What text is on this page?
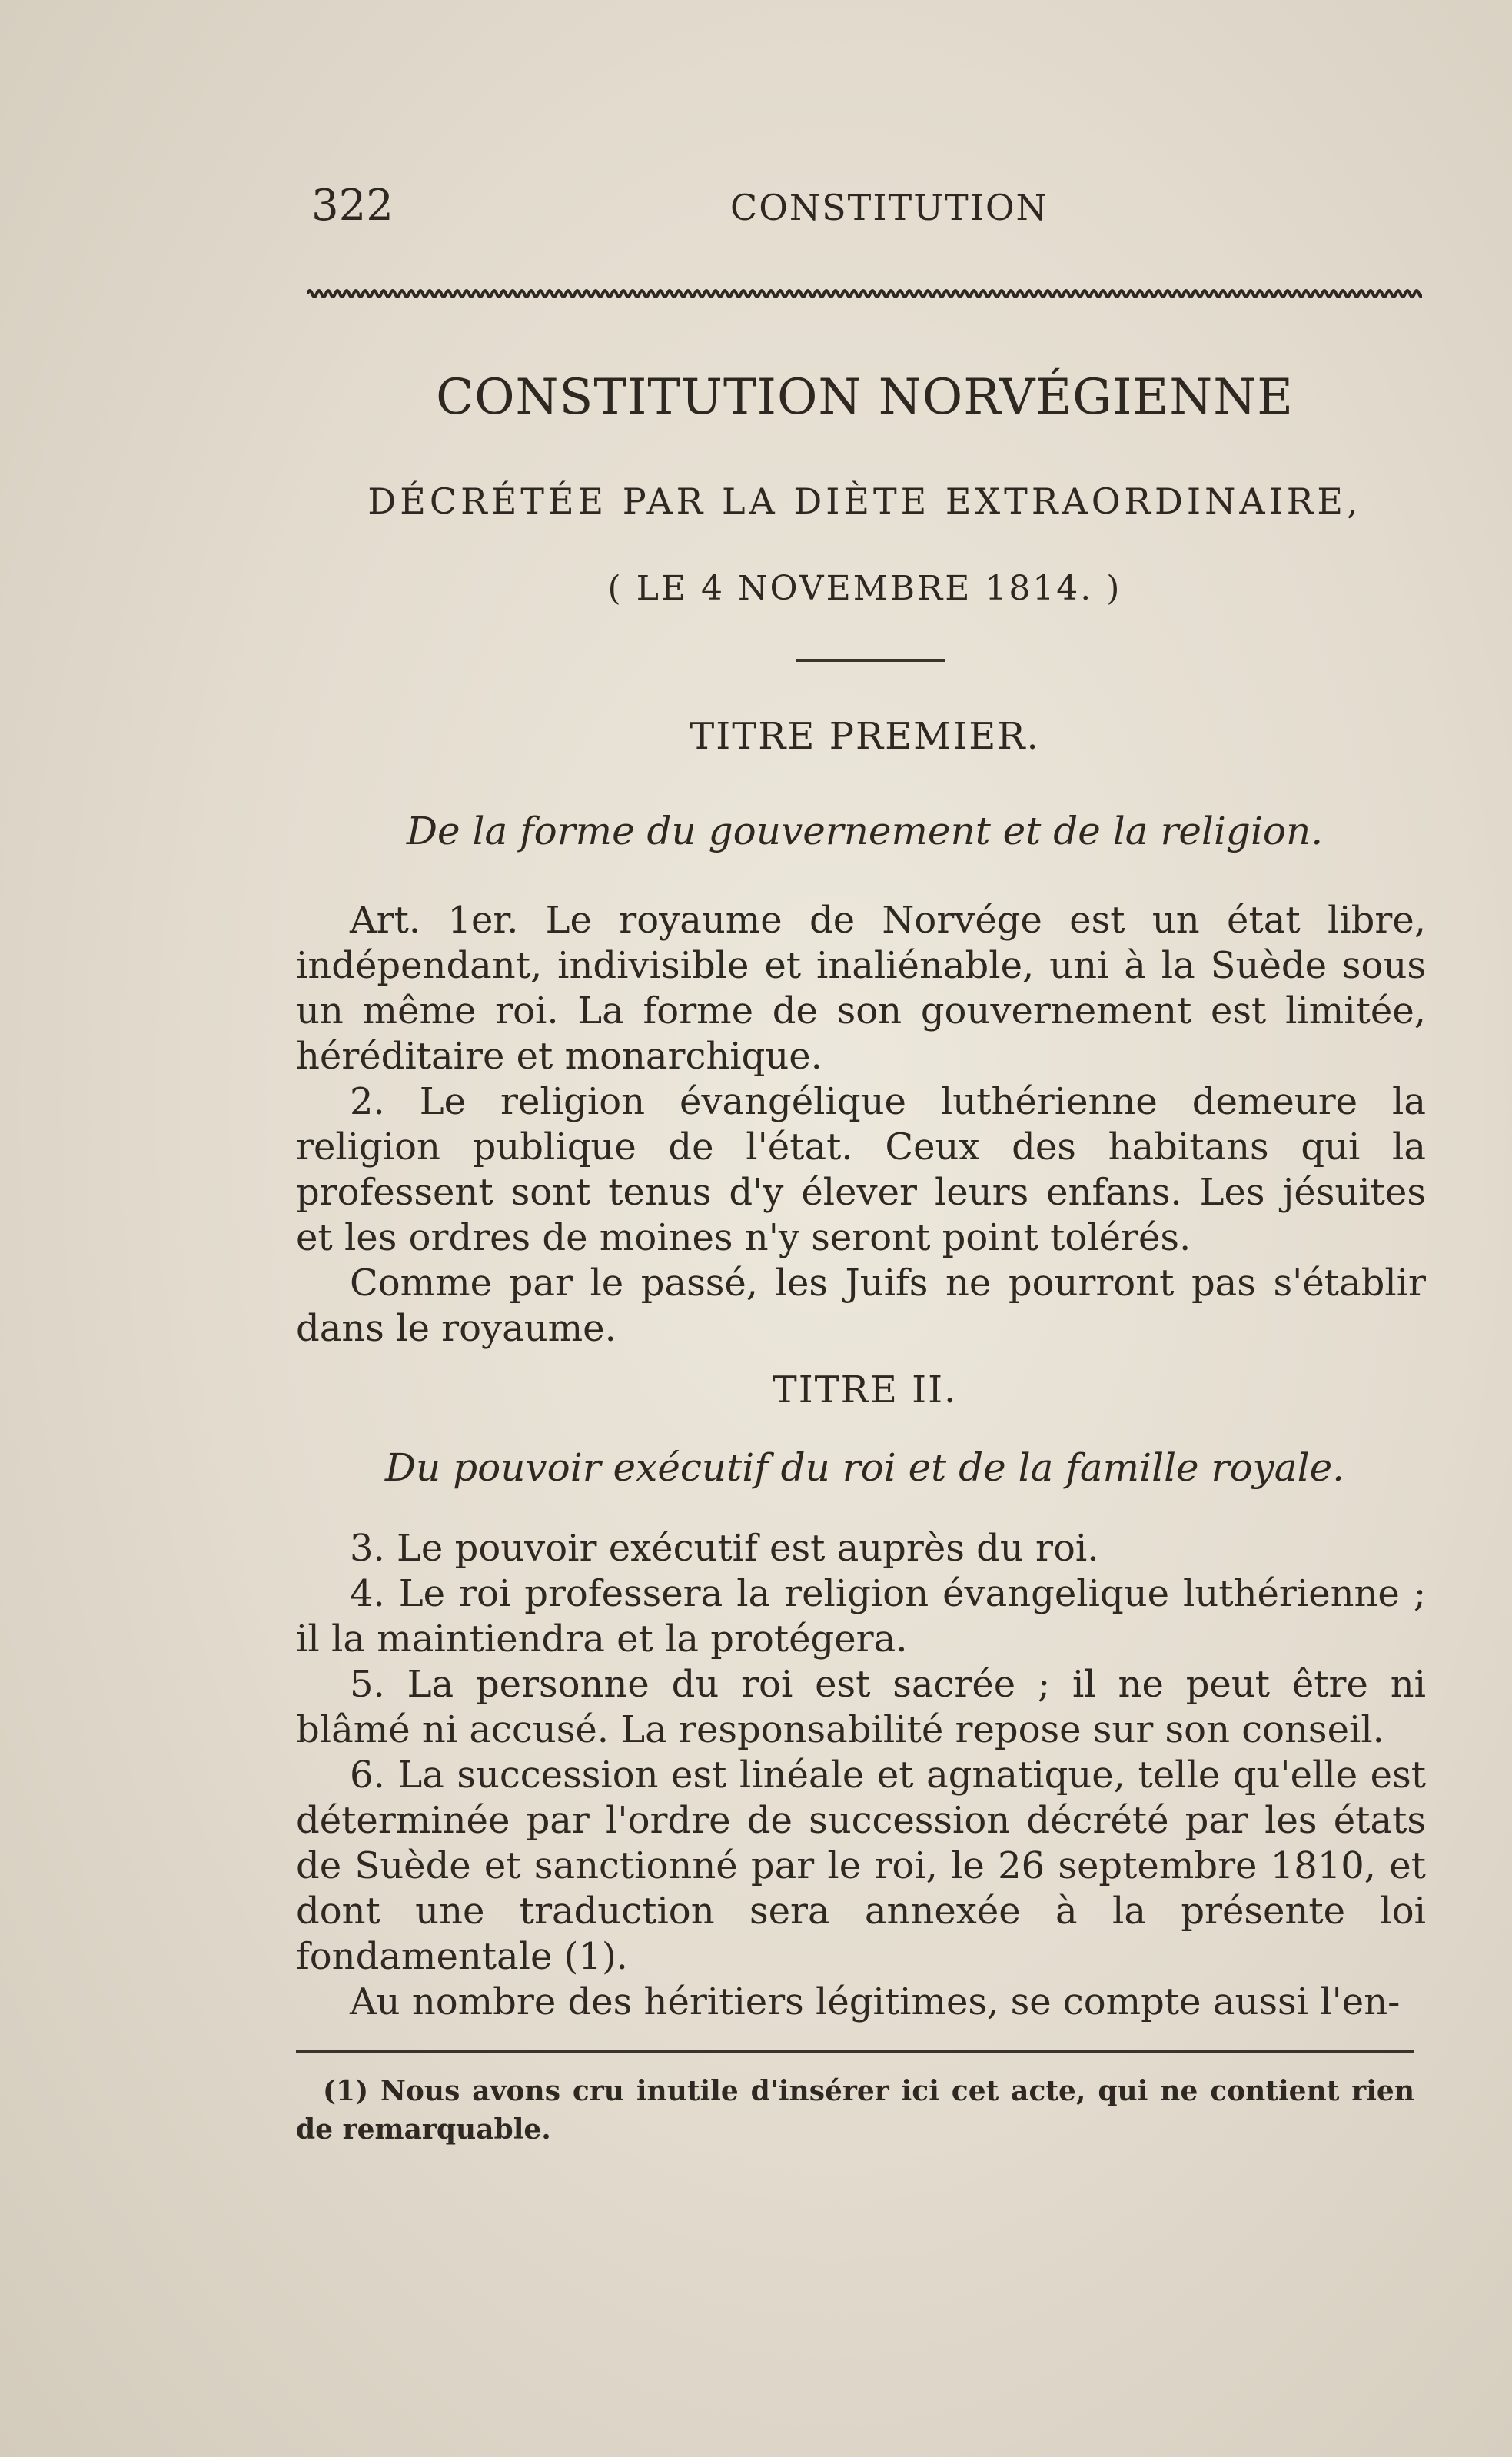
322	CONSTITUTION
CONSTITUTION NORVÉGIENNE
DÉCRÉTÉE PAR LA DIÈTE EXTRAORDINAIRE,
( LE 4 NOVEMBRE 1814. )
TITRE PREMIER.
De la forme du gouvernement et de la religion.

Art. 1er. Le royaume de Norvége est un état libre, indépendant, indivisible et inaliénable, uni à la Suède sous un même roi. La forme de son gouvernement est limitée, héréditaire et monarchique.

2. Le religion évangélique luthérienne demeure la religion publique de l'état. Ceux des habitans qui la professent sont tenus d'y élever leurs enfans. Les jésuites et les ordres de moines n'y seront point tolérés.

Comme par le passé, les Juifs ne pourront pas s'établir dans le royaume.

TITRE II.
Du pouvoir exécutif du roi et de la famille royale.

3. Le pouvoir exécutif est auprès du roi.

4. Le roi professera la religion évangelique luthérienne ; il la maintiendra et la protégera.

5. La personne du roi est sacrée ; il ne peut être ni blâmé ni accusé. La responsabilité repose sur son conseil.

6. La succession est linéale et agnatique, telle qu'elle est déterminée par l'ordre de succession décrété par les états de Suède et sanctionné par le roi, le 26 septembre 1810, et dont une traduction sera annexée à la présente loi fondamentale (1).

Au nombre des héritiers légitimes, se compte aussi l'en-

(1) Nous avons cru inutile d'insérer ici cet acte, qui ne contient rien de remarquable.
